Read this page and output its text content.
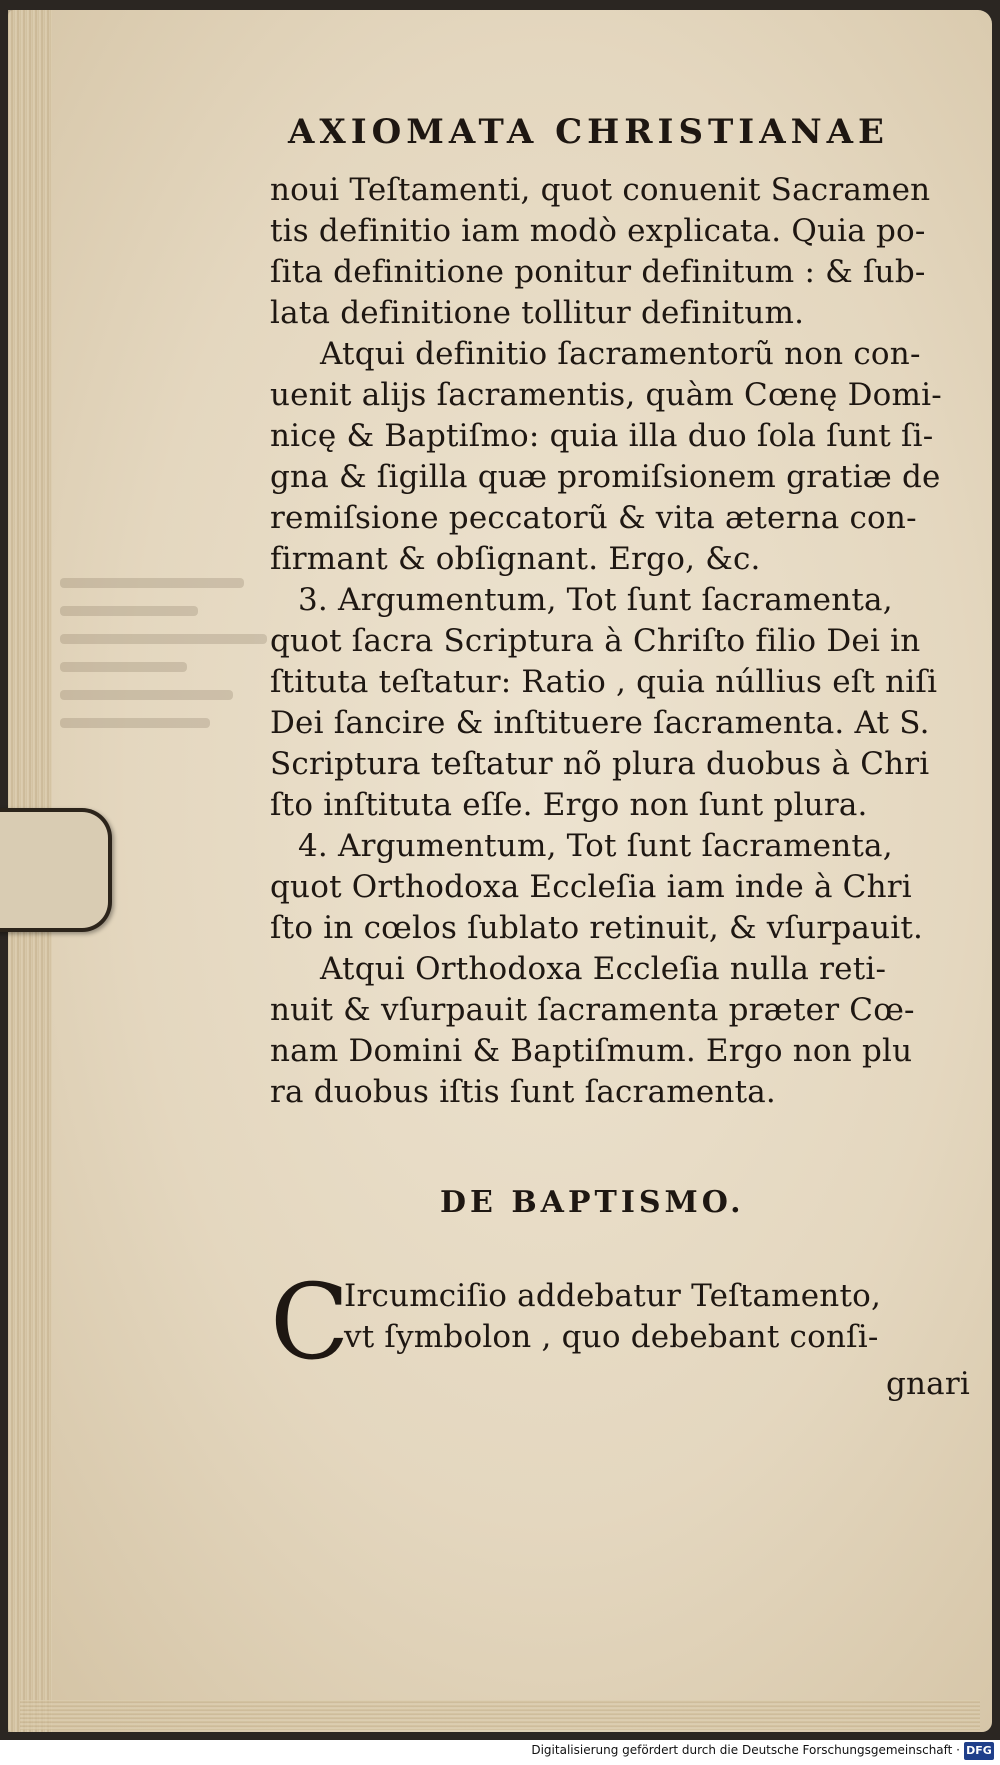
AXIOMATA CHRISTIANAE
noui Teſtamenti, quot conuenit Sacramen
tis definitio iam modò explicata. Quia po-
ſita definitione ponitur definitum : & ſub-
lata definitione tollitur definitum.
Atqui definitio ſacramentorũ non con-
uenit alijs ſacramentis, quàm Cœnę Domi-
nicę & Baptiſmo: quia illa duo ſola ſunt ſi-
gna & ſigilla quæ promiſsionem gratiæ de
remiſsione peccatorũ & vita æterna con-
firmant & obſignant. Ergo, &c.
3. Argumentum, Tot ſunt ſacramenta,
quot ſacra Scriptura à Chriſto filio Dei in
ſtituta teſtatur: Ratio , quia núllius eſt niſi
Dei ſancire & inſtituere ſacramenta. At S.
Scriptura teſtatur nõ plura duobus à Chri
ſto inſtituta eſſe. Ergo non ſunt plura.
4. Argumentum, Tot ſunt ſacramenta,
quot Orthodoxa Eccleſia iam inde à Chri
ſto in cœlos ſublato retinuit, & vſurpauit.
Atqui Orthodoxa Eccleſia nulla reti-
nuit & vſurpauit ſacramenta præter Cœ-
nam Domini & Baptiſmum. Ergo non plu
ra duobus iſtis ſunt ſacramenta.
DE BAPTISMO.
C
Ircumciſio addebatur Teſtamento,
vt ſymbolon , quo debebant conſi-
gnari
Digitalisierung gefördert durch die Deutsche Forschungsgemeinschaft · DFG
